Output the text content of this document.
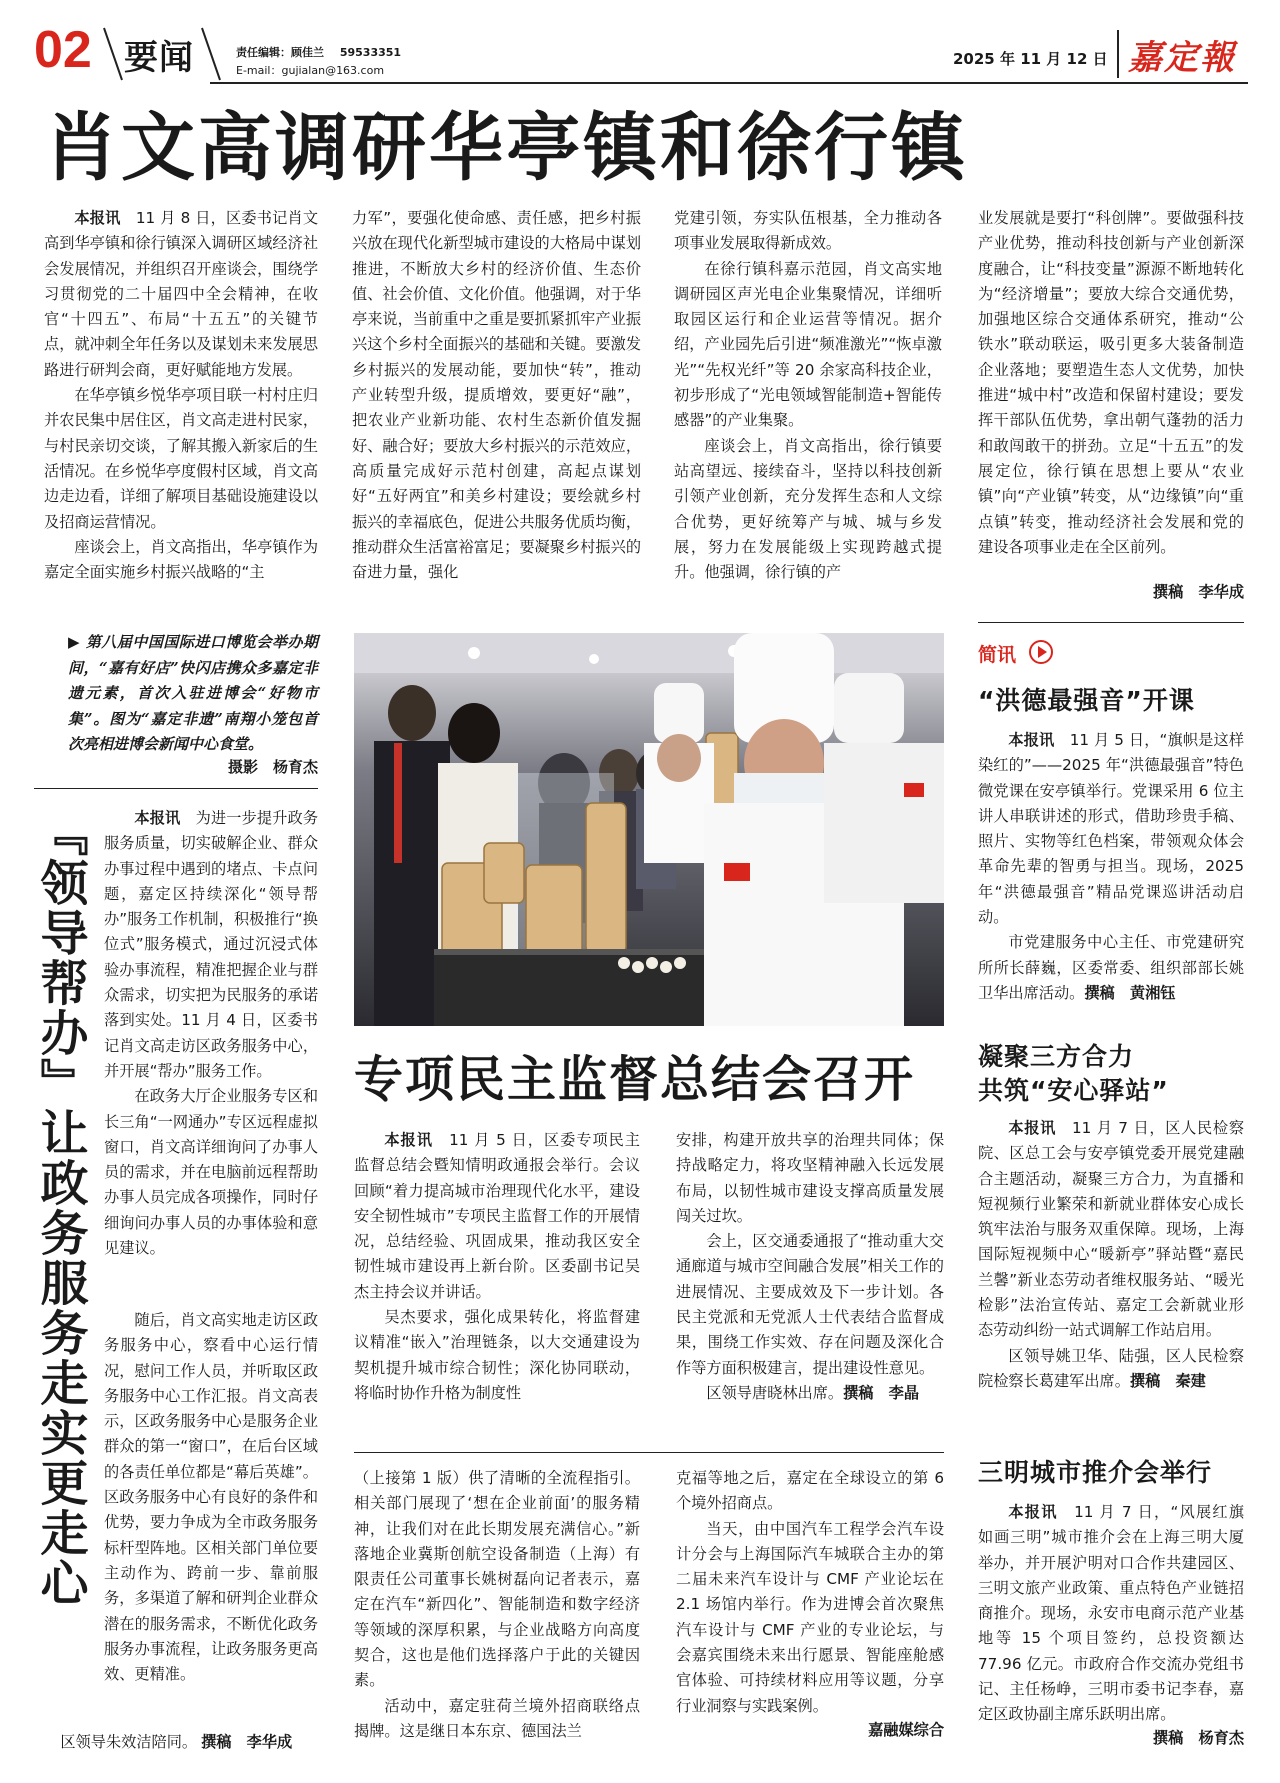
02 要闻	责任编辑：顾佳兰 59533351
E-mail：gujialan@163.com
2025 年 11 月 12 日 嘉定報
肖文高调研华亭镇和徐行镇

本报讯　 11 月 8 日，区委书记肖文高到华亭镇和徐行镇深入调研区域经济社会发展情况，并组织召开座谈会，围绕学习贯彻党的二十届四中全会精神，在收官“十四五”、布局“十五五”的关键节点，就冲刺全年任务以及谋划未来发展思路进行研判会商，更好赋能地方发展。

在华亭镇乡悦华亭项目联一村村庄归并农民集中居住区，肖文高走进村民家，与村民亲切交谈，了解其搬入新家后的生活情况。在乡悦华亭度假村区域，肖文高边走边看，详细了解项目基础设施建设以及招商运营情况。

座谈会上，肖文高指出，华亭镇作为嘉定全面实施乡村振兴战略的“主

力军”，要强化使命感、责任感，把乡村振兴放在现代化新型城市建设的大格局中谋划推进，不断放大乡村的经济价值、生态价值、社会价值、文化价值。他强调，对于华亭来说，当前重中之重是要抓紧抓牢产业振兴这个乡村全面振兴的基础和关键。要激发乡村振兴的发展动能，要加快“转”，推动产业转型升级，提质增效，要更好“融”，把农业产业新功能、农村生态新价值发掘好、融合好；要放大乡村振兴的示范效应，高质量完成好示范村创建，高起点谋划好“五好两宜”和美乡村建设；要绘就乡村振兴的幸福底色，促进公共服务优质均衡，推动群众生活富裕富足；要凝聚乡村振兴的奋进力量，强化

党建引领，夯实队伍根基，全力推动各项事业发展取得新成效。

在徐行镇科嘉示范园，肖文高实地调研园区声光电企业集聚情况，详细听取园区运行和企业运营等情况。据介绍，产业园先后引进“频准激光”“恢卓激光”“先权光纤”等 20 余家高科技企业，初步形成了“光电领域智能制造+智能传感器”的产业集聚。

座谈会上，肖文高指出，徐行镇要站高望远、接续奋斗，坚持以科技创新引领产业创新，充分发挥生态和人文综合优势，更好统筹产与城、城与乡发展，努力在发展能级上实现跨越式提升。他强调，徐行镇的产

业发展就是要打“科创牌”。要做强科技产业优势，推动科技创新与产业创新深度融合，让“科技变量”源源不断地转化为“经济增量”；要放大综合交通优势，加强地区综合交通体系研究，推动“公铁水”联动联运，吸引更多大装备制造企业落地；要塑造生态人文优势，加快推进“城中村”改造和保留村建设；要发挥干部队伍优势，拿出朝气蓬勃的活力和敢闯敢干的拼劲。立足“十五五”的发展定位，徐行镇在思想上要从“农业镇”向“产业镇”转变，从“边缘镇”向“重点镇”转变，推动经济社会发展和党的建设各项事业走在全区前列。

撰稿　 李华成
▶ 第八届中国国际进口博览会举办期间，“嘉有好店”快闪店携众多嘉定非遗元素，首次入驻进博会“好物市集”。图为“嘉定非遗”南翔小笼包首次亮相进博会新闻中心食堂。
摄影　 杨育杰
『领导帮办』让政务服务走实更走心	本报讯　 为进一步提升政务服务质量，切实破解企业、群众办事过程中遇到的堵点、卡点问题，嘉定区持续深化“领导帮办”服务工作机制，积极推行“换位式”服务模式，通过沉浸式体验办事流程，精准把握企业与群众需求，切实把为民服务的承诺落到实处。11 月 4 日，区委书记肖文高走访区政务服务中心，并开展“帮办”服务工作。

在政务大厅企业服务专区和长三角“一网通办”专区远程虚拟窗口，肖文高详细询问了办事人员的需求，并在电脑前远程帮助办事人员完成各项操作，同时仔细询问办事人员的办事体验和意见建议。

随后，肖文高实地走访区政务服务中心，察看中心运行情况，慰问工作人员，并听取区政务服务中心工作汇报。肖文高表示，区政务服务中心是服务企业群众的第一“窗口”，在后台区域的各责任单位都是“幕后英雄”。区政务服务中心有良好的条件和优势，要力争成为全市政务服务标杆型阵地。区相关部门单位要主动作为、跨前一步、靠前服务，多渠道了解和研判企业群众潜在的服务需求，不断优化政务服务办事流程，让政务服务更高效、更精准。

区领导朱效洁陪同。 撰稿　 李华成

专项民主监督总结会召开

本报讯　 11 月 5 日，区委专项民主监督总结会暨知情明政通报会举行。会议回顾“着力提高城市治理现代化水平，建设安全韧性城市”专项民主监督工作的开展情况，总结经验、巩固成果，推动我区安全韧性城市建设再上新台阶。区委副书记吴杰主持会议并讲话。

吴杰要求，强化成果转化，将监督建议精准“嵌入”治理链条，以大交通建设为契机提升城市综合韧性；深化协同联动，将临时协作升格为制度性

安排，构建开放共享的治理共同体；保持战略定力，将攻坚精神融入长远发展布局，以韧性城市建设支撑高质量发展闯关过坎。

会上，区交通委通报了“推动重大交通廊道与城市空间融合发展”相关工作的进展情况、主要成效及下一步计划。各民主党派和无党派人士代表结合监督成果，围绕工作实效、存在问题及深化合作等方面积极建言，提出建设性意见。

区领导唐晓林出席。撰稿　 李晶

（上接第 1 版）供了清晰的全流程指引。相关部门展现了‘想在企业前面’的服务精神，让我们对在此长期发展充满信心。”新落地企业冀斯创航空设备制造（上海）有限责任公司董事长姚树磊向记者表示，嘉定在汽车“新四化”、智能制造和数字经济等领域的深厚积累，与企业战略方向高度契合，这也是他们选择落户于此的关键因素。

活动中，嘉定驻荷兰境外招商联络点揭牌。这是继日本东京、德国法兰

克福等地之后，嘉定在全球设立的第 6 个境外招商点。

当天，由中国汽车工程学会汽车设计分会与上海国际汽车城联合主办的第二届未来汽车设计与 CMF 产业论坛在 2.1 场馆内举行。作为进博会首次聚焦汽车设计与 CMF 产业的专业论坛，与会嘉宾围绕未来出行愿景、智能座舱感官体验、可持续材料应用等议题，分享行业洞察与实践案例。

嘉融媒综合
简讯
“洪德最强音”开课

本报讯　 11 月 5 日，“旗帜是这样染红的”——2025 年“洪德最强音”特色微党课在安亭镇举行。党课采用 6 位主讲人串联讲述的形式，借助珍贵手稿、照片、实物等红色档案，带领观众体会革命先辈的智勇与担当。现场，2025 年“洪德最强音”精品党课巡讲活动启动。

市党建服务中心主任、市党建研究所所长薛巍，区委常委、组织部部长姚卫华出席活动。撰稿　 黄湘钰

凝聚三方合力
共筑“安心驿站”

本报讯　 11 月 7 日，区人民检察院、区总工会与安亭镇党委开展党建融合主题活动，凝聚三方合力，为直播和短视频行业繁荣和新就业群体安心成长筑牢法治与服务双重保障。现场，上海国际短视频中心“暖新亭”驿站暨“嘉民兰馨”新业态劳动者维权服务站、“暖光检影”法治宣传站、嘉定工会新就业形态劳动纠纷一站式调解工作站启用。

区领导姚卫华、陆强，区人民检察院检察长葛建军出席。撰稿　 秦建

三明城市推介会举行

本报讯　 11 月 7 日，“风展红旗 如画三明”城市推介会在上海三明大厦举办，并开展沪明对口合作共建园区、三明文旅产业政策、重点特色产业链招商推介。现场，永安市电商示范产业基地等 15 个项目签约，总投资额达 77.96 亿元。市政府合作交流办党组书记、主任杨峥，三明市委书记李春，嘉定区政协副主席乐跃明出席。

撰稿　 杨育杰
